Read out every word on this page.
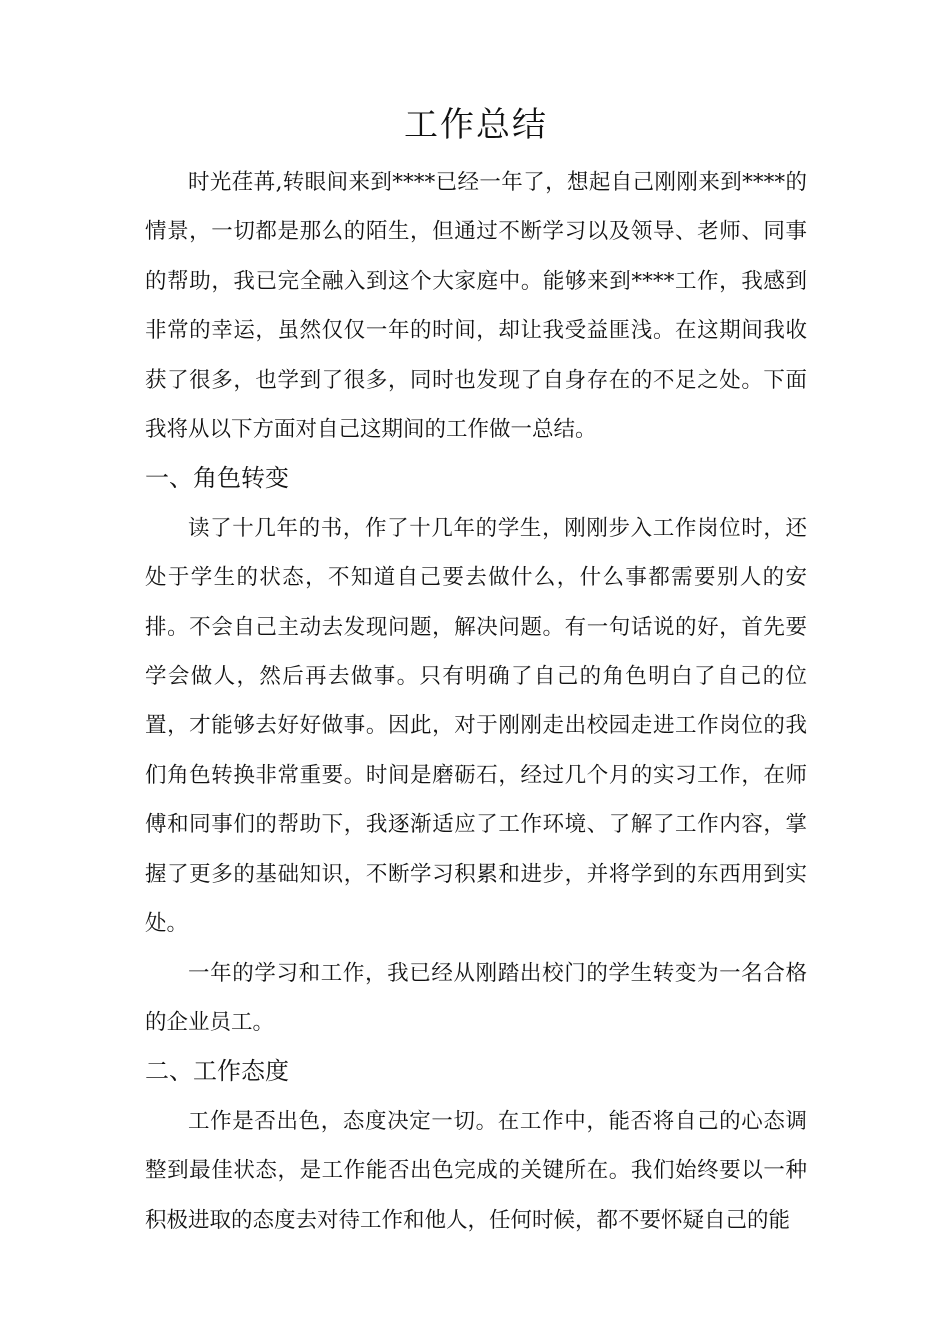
工作总结

时光荏苒,转眼间来到****已经一年了，想起自己刚刚来到****的情景，一切都是那么的陌生，但通过不断学习以及领导、老师、同事的帮助，我已完全融入到这个大家庭中。能够来到****工作，我感到非常的幸运，虽然仅仅一年的时间，却让我受益匪浅。在这期间我收获了很多，也学到了很多，同时也发现了自身存在的不足之处。下面我将从以下方面对自己这期间的工作做一总结。

一、角色转变

读了十几年的书，作了十几年的学生，刚刚步入工作岗位时，还处于学生的状态，不知道自己要去做什么，什么事都需要别人的安排。不会自己主动去发现问题，解决问题。有一句话说的好，首先要学会做人，然后再去做事。只有明确了自己的角色明白了自己的位置，才能够去好好做事。因此，对于刚刚走出校园走进工作岗位的我们角色转换非常重要。时间是磨砺石，经过几个月的实习工作，在师傅和同事们的帮助下，我逐渐适应了工作环境、了解了工作内容，掌握了更多的基础知识，不断学习积累和进步，并将学到的东西用到实处。

一年的学习和工作，我已经从刚踏出校门的学生转变为一名合格的企业员工。

二、工作态度

工作是否出色，态度决定一切。在工作中，能否将自己的心态调整到最佳状态，是工作能否出色完成的关键所在。我们始终要以一种积极进取的态度去对待工作和他人，任何时候，都不要怀疑自己的能
